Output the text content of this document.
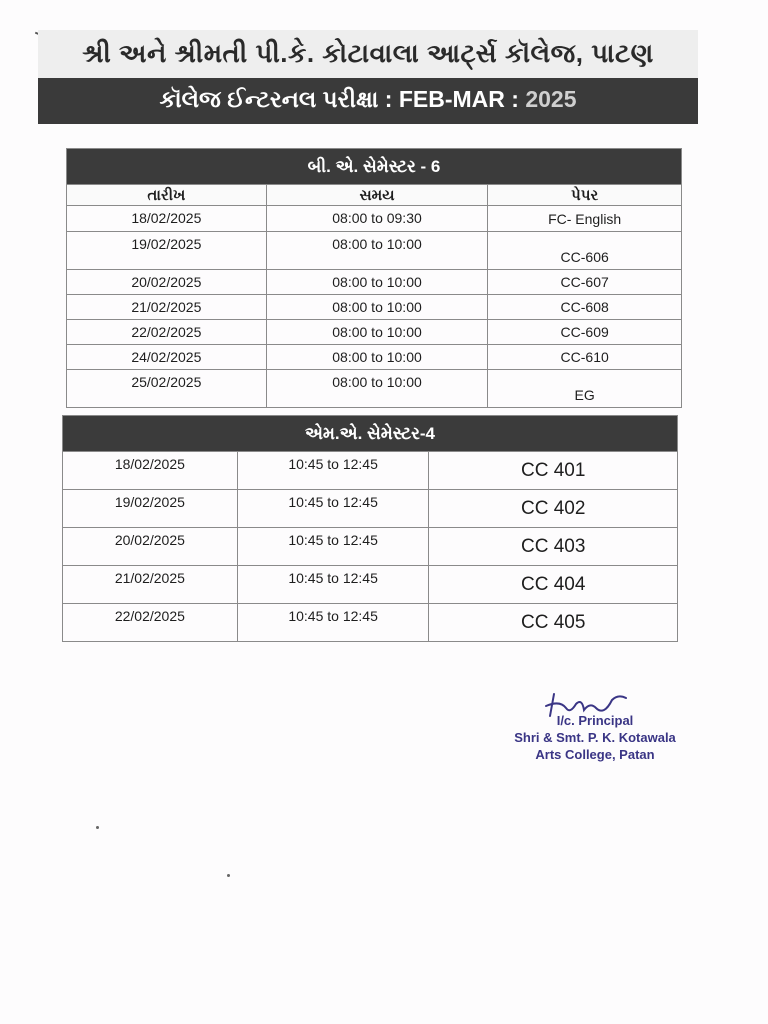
શ્રી અને શ્રીમતી પી.કે. કોટાવાલા આર્ટ્સ કૉલેજ, પાટણ
કૉલેજ ઈન્ટરનલ પરીક્ષા : FEB-MAR : 2025
બી. એ. સેમેસ્ટર - 6		
તારીખ	સમય	પેપર
18/02/2025	08:00 to 09:30	FC- English
19/02/2025	08:00 to 10:00	CC-606
20/02/2025	08:00 to 10:00	CC-607
21/02/2025	08:00 to 10:00	CC-608
22/02/2025	08:00 to 10:00	CC-609
24/02/2025	08:00 to 10:00	CC-610
25/02/2025	08:00 to 10:00	EG
એમ.એ. સેમેસ્ટર-4		
18/02/2025	10:45 to 12:45	CC 401
19/02/2025	10:45 to 12:45	CC 402
20/02/2025	10:45 to 12:45	CC 403
21/02/2025	10:45 to 12:45	CC 404
22/02/2025	10:45 to 12:45	CC 405
I/c. Principal
Shri & Smt. P. K. Kotawala
Arts College, Patan
